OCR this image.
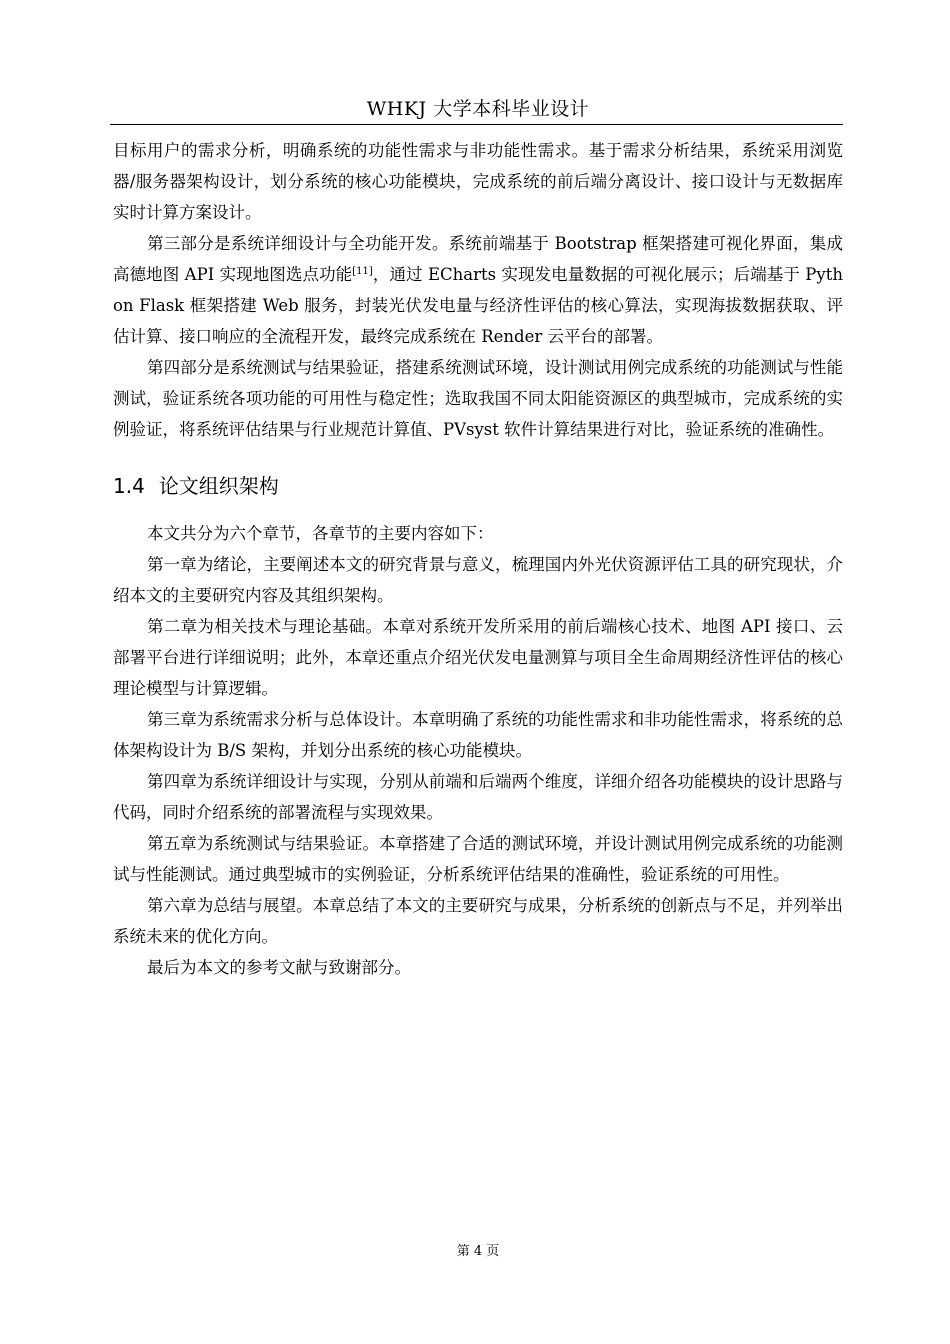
WHKJ 大学本科毕业设计

目标用户的需求分析，明确系统的功能性需求与非功能性需求。基于需求分析结果，系统采用浏览器/服务器架构设计，划分系统的核心功能模块，完成系统的前后端分离设计、接口设计与无数据库实时计算方案设计。

第三部分是系统详细设计与全功能开发。系统前端基于 Bootstrap 框架搭建可视化界面，集成高德地图 API 实现地图选点功能[11]，通过 ECharts 实现发电量数据的可视化展示；后端基于 Python Flask 框架搭建 Web 服务，封装光伏发电量与经济性评估的核心算法，实现海拔数据获取、评估计算、接口响应的全流程开发，最终完成系统在 Render 云平台的部署。

第四部分是系统测试与结果验证，搭建系统测试环境，设计测试用例完成系统的功能测试与性能测试，验证系统各项功能的可用性与稳定性；选取我国不同太阳能资源区的典型城市，完成系统的实例验证，将系统评估结果与行业规范计算值、PVsyst 软件计算结果进行对比，验证系统的准确性。

1.4 论文组织架构

本文共分为六个章节，各章节的主要内容如下：

第一章为绪论，主要阐述本文的研究背景与意义，梳理国内外光伏资源评估工具的研究现状，介绍本文的主要研究内容及其组织架构。

第二章为相关技术与理论基础。本章对系统开发所采用的前后端核心技术、地图 API 接口、云部署平台进行详细说明；此外，本章还重点介绍光伏发电量测算与项目全生命周期经济性评估的核心理论模型与计算逻辑。

第三章为系统需求分析与总体设计。本章明确了系统的功能性需求和非功能性需求，将系统的总体架构设计为 B/S 架构，并划分出系统的核心功能模块。

第四章为系统详细设计与实现，分别从前端和后端两个维度，详细介绍各功能模块的设计思路与代码，同时介绍系统的部署流程与实现效果。

第五章为系统测试与结果验证。本章搭建了合适的测试环境，并设计测试用例完成系统的功能测试与性能测试。通过典型城市的实例验证，分析系统评估结果的准确性，验证系统的可用性。

第六章为总结与展望。本章总结了本文的主要研究与成果，分析系统的创新点与不足，并列举出系统未来的优化方向。

最后为本文的参考文献与致谢部分。

第 4 页
